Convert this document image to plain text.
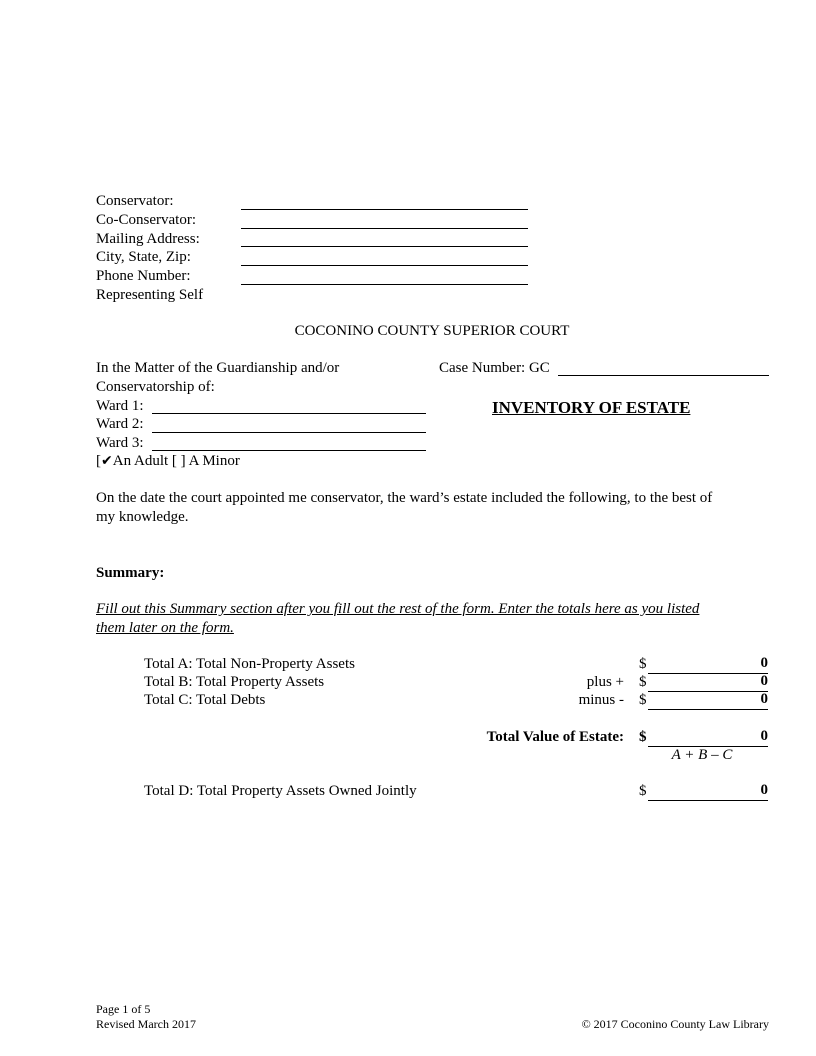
Conservator:
Co-Conservator:
Mailing Address:
City, State, Zip:
Phone Number:
Representing Self
COCONINO COUNTY SUPERIOR COURT
In the Matter of the Guardianship and/or
Conservatorship of:
Ward 1:
Ward 2:
Ward 3:
[✔An Adult [ ] A Minor
Case Number: GC
INVENTORY OF ESTATE
On the date the court appointed me conservator, the ward’s estate included the following, to the best of
my knowledge.
Summary:
Fill out this Summary section after you fill out the rest of the form. Enter the totals here as you listed
them later on the form.
Total A: Total Non-Property Assets	$	0
Total B: Total Property Assets	plus + $	0
Total C: Total Debts	minus - $	0
Total Value of Estate: $	0
A + B – C
Total D: Total Property Assets Owned Jointly	$	0
Page 1 of 5
Revised March 2017	© 2017 Coconino County Law Library
